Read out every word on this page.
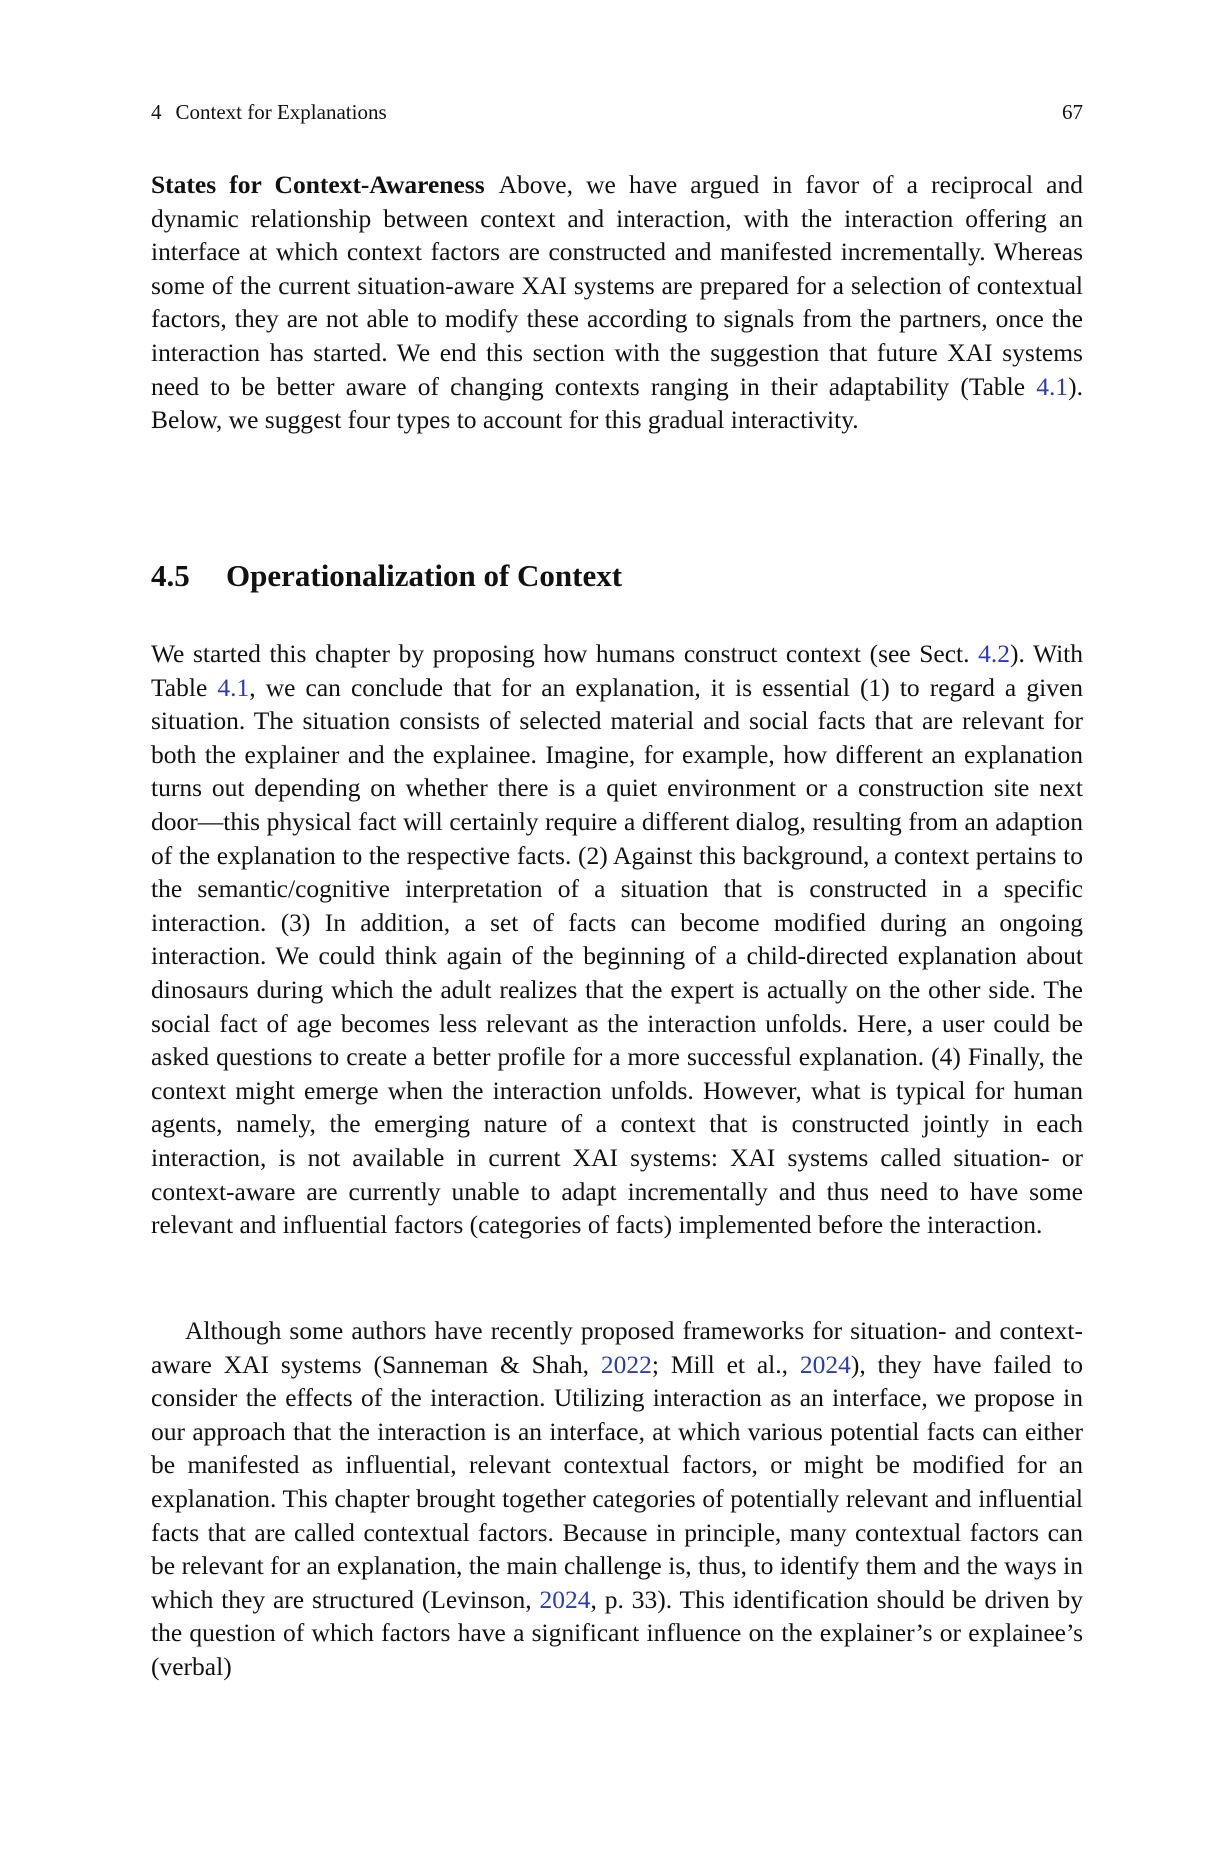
4 Context for Explanations	67

States for Context-Awareness Above, we have argued in favor of a reciprocal and dynamic relationship between context and interaction, with the interaction offering an interface at which context factors are constructed and manifested incrementally. Whereas some of the current situation-aware XAI systems are prepared for a selection of contextual factors, they are not able to modify these according to signals from the partners, once the interaction has started. We end this section with the suggestion that future XAI systems need to be better aware of changing contexts ranging in their adaptability (Table 4.1). Below, we suggest four types to account for this gradual interactivity.

4.5 Operationalization of Context

We started this chapter by proposing how humans construct context (see Sect. 4.2). With Table 4.1, we can conclude that for an explanation, it is essential (1) to regard a given situation. The situation consists of selected material and social facts that are relevant for both the explainer and the explainee. Imagine, for example, how different an explanation turns out depending on whether there is a quiet environment or a construction site next door—this physical fact will certainly require a different dialog, resulting from an adaption of the explanation to the respective facts. (2) Against this background, a context pertains to the semantic/cognitive interpretation of a situation that is constructed in a specific interaction. (3) In addition, a set of facts can become modified during an ongoing interaction. We could think again of the beginning of a child-directed explanation about dinosaurs during which the adult realizes that the expert is actually on the other side. The social fact of age becomes less relevant as the interaction unfolds. Here, a user could be asked questions to create a better profile for a more successful explanation. (4) Finally, the context might emerge when the interaction unfolds. However, what is typical for human agents, namely, the emerging nature of a context that is constructed jointly in each interaction, is not available in current XAI systems: XAI systems called situation- or context-aware are currently unable to adapt incrementally and thus need to have some relevant and influential factors (categories of facts) implemented before the interaction.

Although some authors have recently proposed frameworks for situation- and context-aware XAI systems (Sanneman & Shah, 2022; Mill et al., 2024), they have failed to consider the effects of the interaction. Utilizing interaction as an interface, we propose in our approach that the interaction is an interface, at which various potential facts can either be manifested as influential, relevant contextual factors, or might be modified for an explanation. This chapter brought together categories of potentially relevant and influential facts that are called contextual factors. Because in principle, many contextual factors can be relevant for an explanation, the main challenge is, thus, to identify them and the ways in which they are structured (Levinson, 2024, p. 33). This identification should be driven by the question of which factors have a significant influence on the explainer’s or explainee’s (verbal)
